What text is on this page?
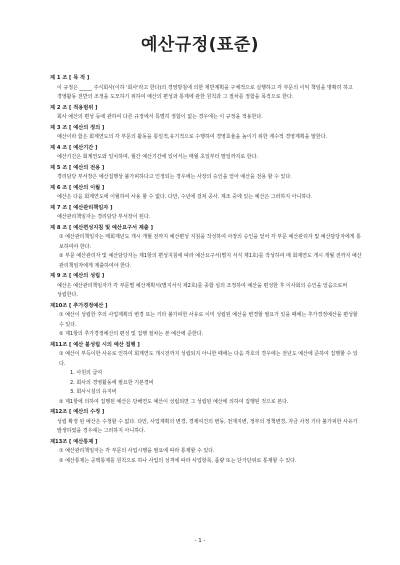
예산규정(표준)
제 1 조 [ 목 적 ]
이 규정은 _____ 주식회사(이하 '회사'라고 한다)의 경영방침에 의한 제반계획을 구체적으로 실행하고 각 부문의 이익 책임을 명확히 하고 경영활동 전반의 조정을 도모하기 위하여 예산의 편성과 통제에 관한 원칙과 그 절차를 정함을 목적으로 한다.
제 2 조 [ 적용범위 ]
회사 예산의 편성 등에 관하여 다른 규정에서 특별히 정함이 없는 경우에는 이 규정을 적용한다.
제 3 조 [ 예산의 정의 ]
예산이라 함은 회계연도의 각 부문의 활동을 통일적,유기적으로 수행하여 경영효율을 높이기 위한 계수적 경영계획을 말한다.
제 4 조 [ 예산기간 ]
예산기간은 회계연도와 일치하며, 월간 예산기간에 있어서는 매월 초일부터 말일까지로 한다.
제 5 조 [ 예산의 전용 ]
경리담당 부서장은 예산집행상 불가피하다고 인정되는 경우에는 사장의 승인을 얻어 예산을 전용 할 수 있다.
제 6 조 [ 예산의 이월 ]
예산은 다음 회계연도에 이월하여 사용 할 수 없다. 다만, 수년에 걸쳐 공사. 제조 중에 있는 예산은 그러하지 아니하다.
제 7 조 [ 예산관리책임자 ]
예산관리책임자는 경리담당 부서장이 된다.
제 8 조 [ 예산편성지침 및 예산요구서 제출 ]
① 예산관리책임자는 매회계년도 개시 개월 전까지 예산편성 지침을 작성하여 사장의 승인을 얻어 각 부문 예산관리자 및 예산담당자에게 통보하여야 한다.
② 부문 예산관리자 및 예산담당자는 제1항의 편성지침에 따라 예산요구서(별지 서식 제1호)를 작성하여 매 회계연도 개시 개월 전까지 예산관리책임자에게 제출하여야 한다.
제 9 조 [ 예산의 성립 ]
예산은 예산관리책임자가 각 부문별 예산계획서(별지서식 제2호)를 종합 심의 조정하여 예산을 편성한 후 이사회의 승인을 얻음으로써 성립한다.
제10조 [ 추가경정예산 ]
① 예산이 성립한 후의 사업계획의 변경 또는 기타 불가피한 사유로 이미 성립된 예산을 변경할 필요가 있을 때에는 추가경정예산을 편성할 수 있다.
② 제1항의 추가경정예산의 편성 및 집행 절차는 본 예산에 준한다.
제11조 [ 예산 불성립 시의 예산 집행 ]
① 예산이 부득이한 사유로 인하여 회계연도 개시전까지 성립되지 아니한 때에는 다음 각호의 경우에는 전년도 예산에 준하여 집행할 수 있다.
1. 사원의 급여
2. 회사의 경영활동에 필요한 기본경비
3. 회사시설의 유지비
② 제1항에 의하여 집행된 예산은 당해연도 예산이 성립되면 그 성립된 예산에 의하여 집행된 것으로 본다.
제12조 [ 예산의 수정 ]
성립 확정 된 예산은 수정할 수 없다. 다만, 사업계획의 변경, 경제여건의 변동, 천재지변, 정부의 정책변경, 자금 사정 기타 불가피한 사유가 발생하였을 경우에는 그러하지 아니하다.
제13조 [ 예산통제 ]
① 예산관리책임자는 각 부문의 사업시행을 필요에 따라 통제할 수 있다.
② 예산통제는 공맥통제를 원칙으로 하나 사업의 성격에 따라 사업항목, 품량 또는 단가단위로 통제할 수 있다.
- 1 -
